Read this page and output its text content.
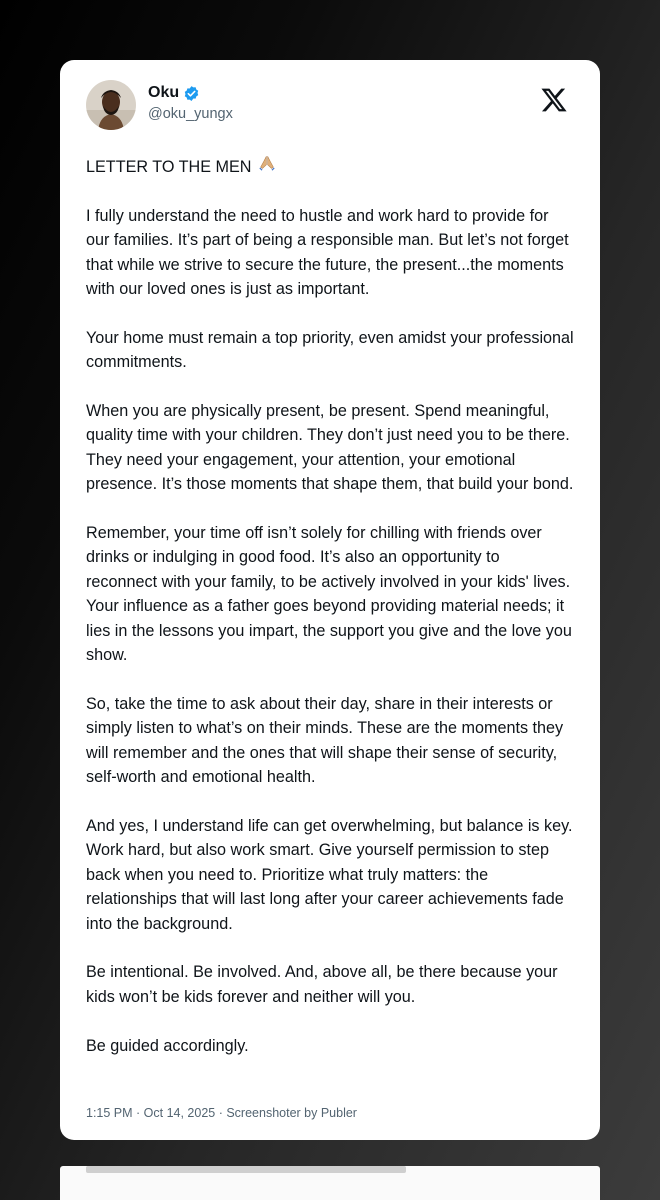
Oku
@oku_yungx

LETTER TO THE MEN

I fully understand the need to hustle and work hard to provide for our families. It’s part of being a responsible man. But let’s not forget that while we strive to secure the future, the present...the moments with our loved ones is just as important.

Your home must remain a top priority, even amidst your professional commitments.

When you are physically present, be present. Spend meaningful, quality time with your children. They don’t just need you to be there. They need your engagement, your attention, your emotional presence. It’s those moments that shape them, that build your bond.

Remember, your time off isn’t solely for chilling with friends over drinks or indulging in good food. It’s also an opportunity to reconnect with your family, to be actively involved in your kids' lives. Your influence as a father goes beyond providing material needs; it lies in the lessons you impart, the support you give and the love you show.

So, take the time to ask about their day, share in their interests or simply listen to what’s on their minds. These are the moments they will remember and the ones that will shape their sense of security, self-worth and emotional health.

And yes, I understand life can get overwhelming, but balance is key. Work hard, but also work smart. Give yourself permission to step back when you need to. Prioritize what truly matters: the relationships that will last long after your career achievements fade into the background.

Be intentional. Be involved. And, above all, be there because your kids won’t be kids forever and neither will you.

Be guided accordingly.

1:15 PM · Oct 14, 2025 · Screenshoter by Publer
